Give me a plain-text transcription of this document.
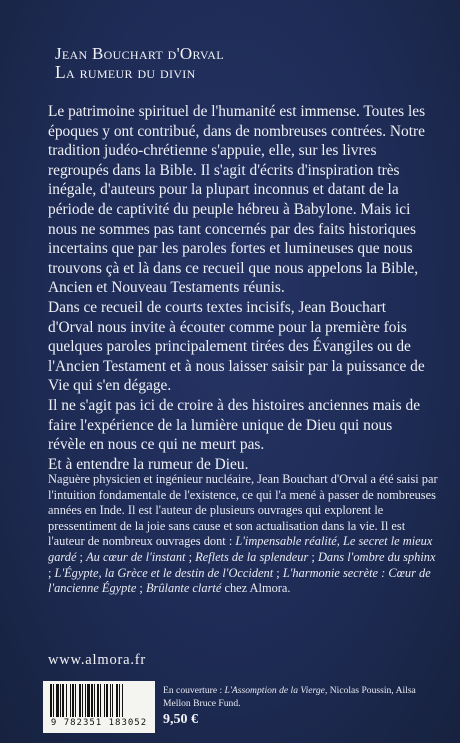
Jean Bouchart d'Orval
La rumeur du divin

Le patrimoine spirituel de l'humanité est immense. Toutes les époques y ont contribué, dans de nombreuses contrées. Notre tradition judéo-chrétienne s'appuie, elle, sur les livres regroupés dans la Bible. Il s'agit d'écrits d'inspiration très inégale, d'auteurs pour la plupart inconnus et datant de la période de captivité du peuple hébreu à Babylone. Mais ici nous ne sommes pas tant concernés par des faits historiques incertains que par les paroles fortes et lumineuses que nous trouvons çà et là dans ce recueil que nous appelons la Bible, Ancien et Nouveau Testaments réunis.

Dans ce recueil de courts textes incisifs, Jean Bouchart d'Orval nous invite à écouter comme pour la première fois quelques paroles principalement tirées des Évangiles ou de l'Ancien Testament et à nous laisser saisir par la puissance de Vie qui s'en dégage.

Il ne s'agit pas ici de croire à des histoires anciennes mais de faire l'expérience de la lumière unique de Dieu qui nous révèle en nous ce qui ne meurt pas.

Et à entendre la rumeur de Dieu.

Naguère physicien et ingénieur nucléaire, Jean Bouchart d'Orval a été saisi par l'intuition fondamentale de l'existence, ce qui l'a mené à passer de nombreuses années en Inde. Il est l'auteur de plusieurs ouvrages qui explorent le pressentiment de la joie sans cause et son actualisation dans la vie. Il est l'auteur de nombreux ouvrages dont : L'impensable réalité, Le secret le mieux gardé ; Au cœur de l'instant ; Reflets de la splendeur ; Dans l'ombre du sphinx ; L'Égypte, la Grèce et le destin de l'Occident ; L'harmonie secrète : Cœur de l'ancienne Égypte ; Brûlante clarté chez Almora.

www.almora.fr
9 782351 183052
En couverture : L'Assomption de la Vierge, Nicolas Poussin, Ailsa Mellon Bruce Fund.
9,50 €
